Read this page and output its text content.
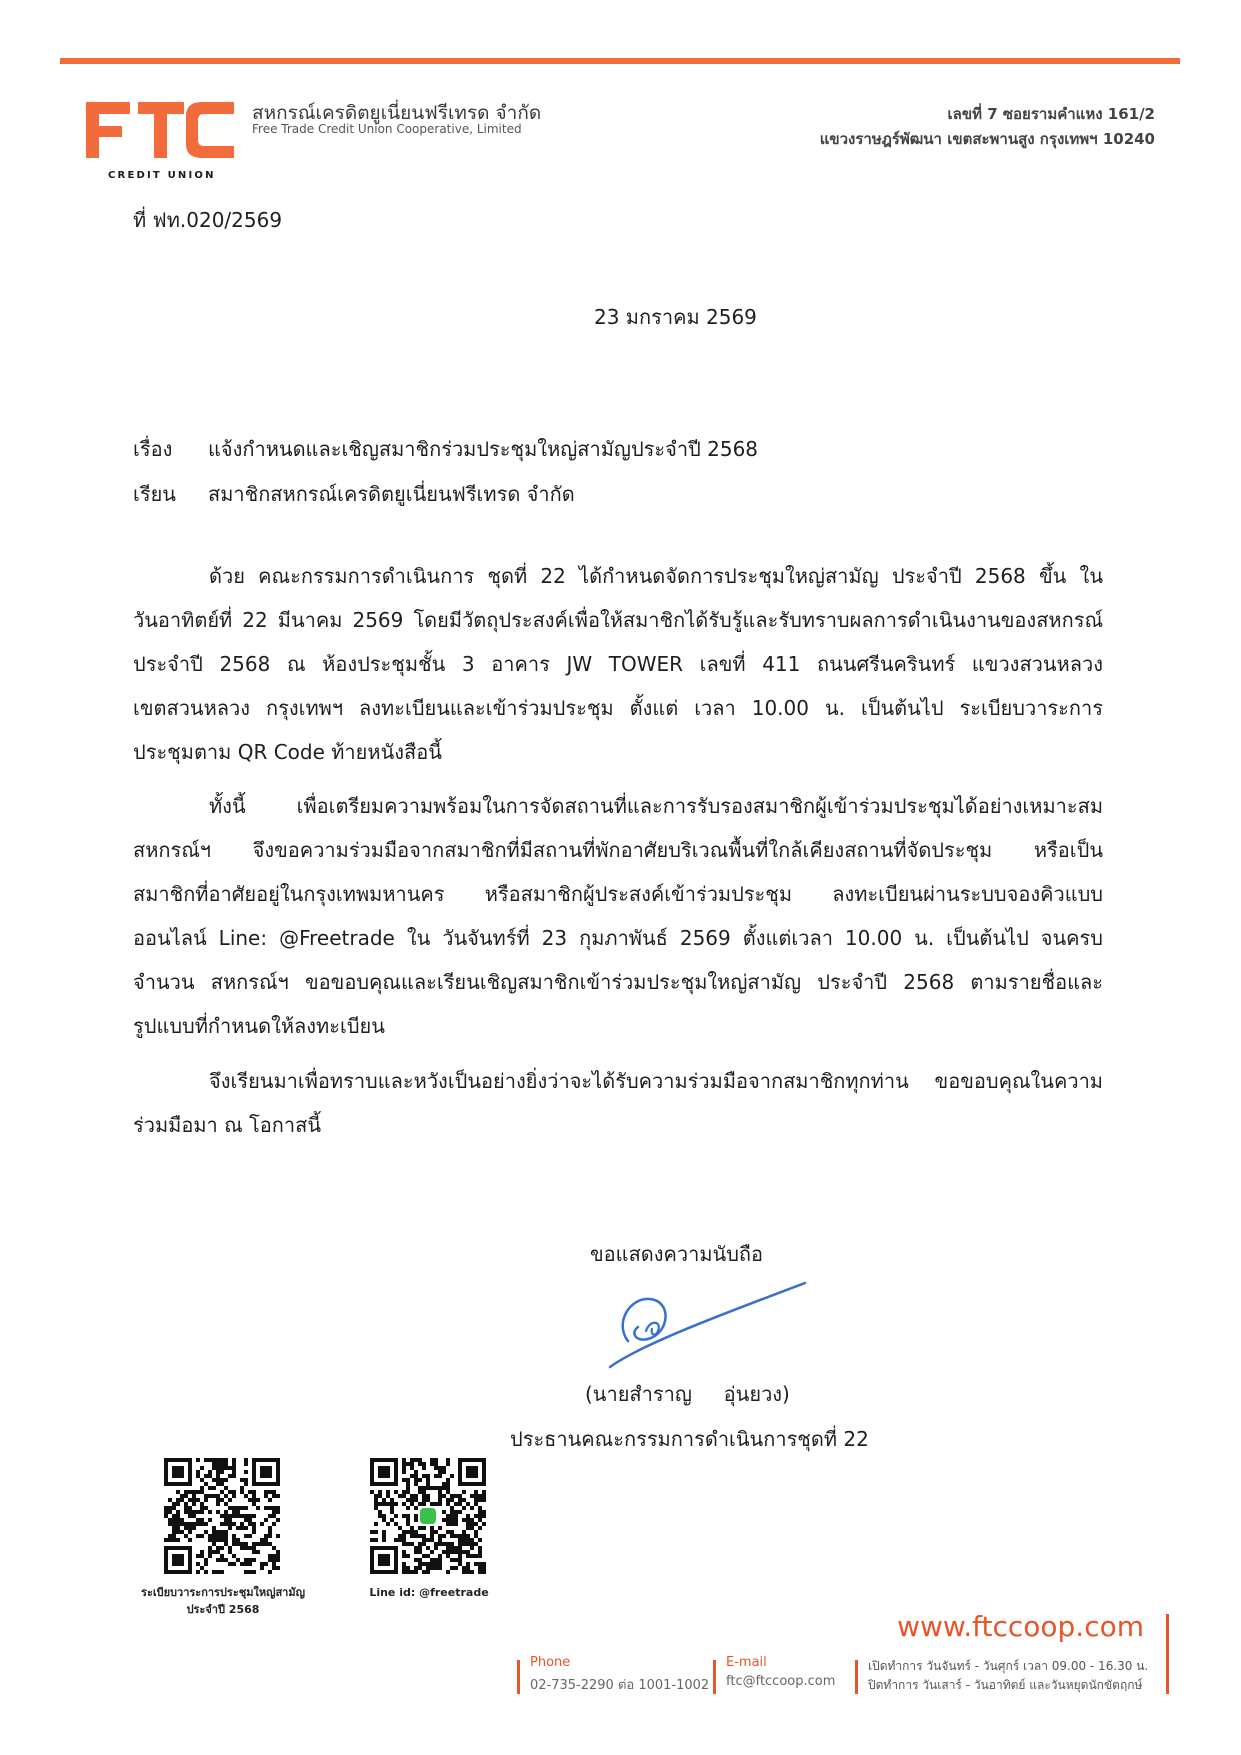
CREDIT UNION
สหกรณ์เครดิตยูเนี่ยนฟรีเทรด จำกัด
Free Trade Credit Union Cooperative, Limited
เลขที่ 7 ซอยรามคำแหง 161/2
แขวงราษฎร์พัฒนา เขตสะพานสูง กรุงเทพฯ 10240
ที่ ฟท.020/2569
23 มกราคม 2569
เรื่อง แจ้งกำหนดและเชิญสมาชิกร่วมประชุมใหญ่สามัญประจำปี 2568
เรียน สมาชิกสหกรณ์เครดิตยูเนี่ยนฟรีเทรด จำกัด
ด้วย คณะกรรมการดำเนินการ ชุดที่ 22 ได้กำหนดจัดการประชุมใหญ่สามัญ ประจำปี 2568 ขึ้น ใน
วันอาทิตย์ที่ 22 มีนาคม 2569 โดยมีวัตถุประสงค์เพื่อให้สมาชิกได้รับรู้และรับทราบผลการดำเนินงานของสหกรณ์
ประจำปี 2568 ณ ห้องประชุมชั้น 3 อาคาร JW TOWER เลขที่ 411 ถนนศรีนครินทร์ แขวงสวนหลวง
เขตสวนหลวง กรุงเทพฯ ลงทะเบียนและเข้าร่วมประชุม ตั้งแต่ เวลา 10.00 น. เป็นต้นไป ระเบียบวาระการ
ประชุมตาม QR Code ท้ายหนังสือนี้
ทั้งนี้ เพื่อเตรียมความพร้อมในการจัดสถานที่และการรับรองสมาชิกผู้เข้าร่วมประชุมได้อย่างเหมาะสม
สหกรณ์ฯ จึงขอความร่วมมือจากสมาชิกที่มีสถานที่พักอาศัยบริเวณพื้นที่ใกล้เคียงสถานที่จัดประชุม หรือเป็น
สมาชิกที่อาศัยอยู่ในกรุงเทพมหานคร หรือสมาชิกผู้ประสงค์เข้าร่วมประชุม ลงทะเบียนผ่านระบบจองคิวแบบ
ออนไลน์ Line: @Freetrade ใน วันจันทร์ที่ 23 กุมภาพันธ์ 2569 ตั้งแต่เวลา 10.00 น. เป็นต้นไป จนครบ
จำนวน สหกรณ์ฯ ขอขอบคุณและเรียนเชิญสมาชิกเข้าร่วมประชุมใหญ่สามัญ ประจำปี 2568 ตามรายชื่อและ
รูปแบบที่กำหนดให้ลงทะเบียน
จึงเรียนมาเพื่อทราบและหวังเป็นอย่างยิ่งว่าจะได้รับความร่วมมือจากสมาชิกทุกท่าน ขอขอบคุณในความ
ร่วมมือมา ณ โอกาสนี้
ขอแสดงความนับถือ
(นายสำราญ     อุ่นยวง)
ประธานคณะกรรมการดำเนินการชุดที่ 22
ระเบียบวาระการประชุมใหญ่สามัญ
ประจำปี 2568
Line id: @freetrade
www.ftccoop.com
Phone
02-735-2290 ต่อ 1001-1002
E-mail
ftc@ftccoop.com
เปิดทำการ วันจันทร์ - วันศุกร์ เวลา 09.00 - 16.30 น.
ปิดทำการ วันเสาร์ - วันอาทิตย์ และวันหยุดนักขัตฤกษ์
